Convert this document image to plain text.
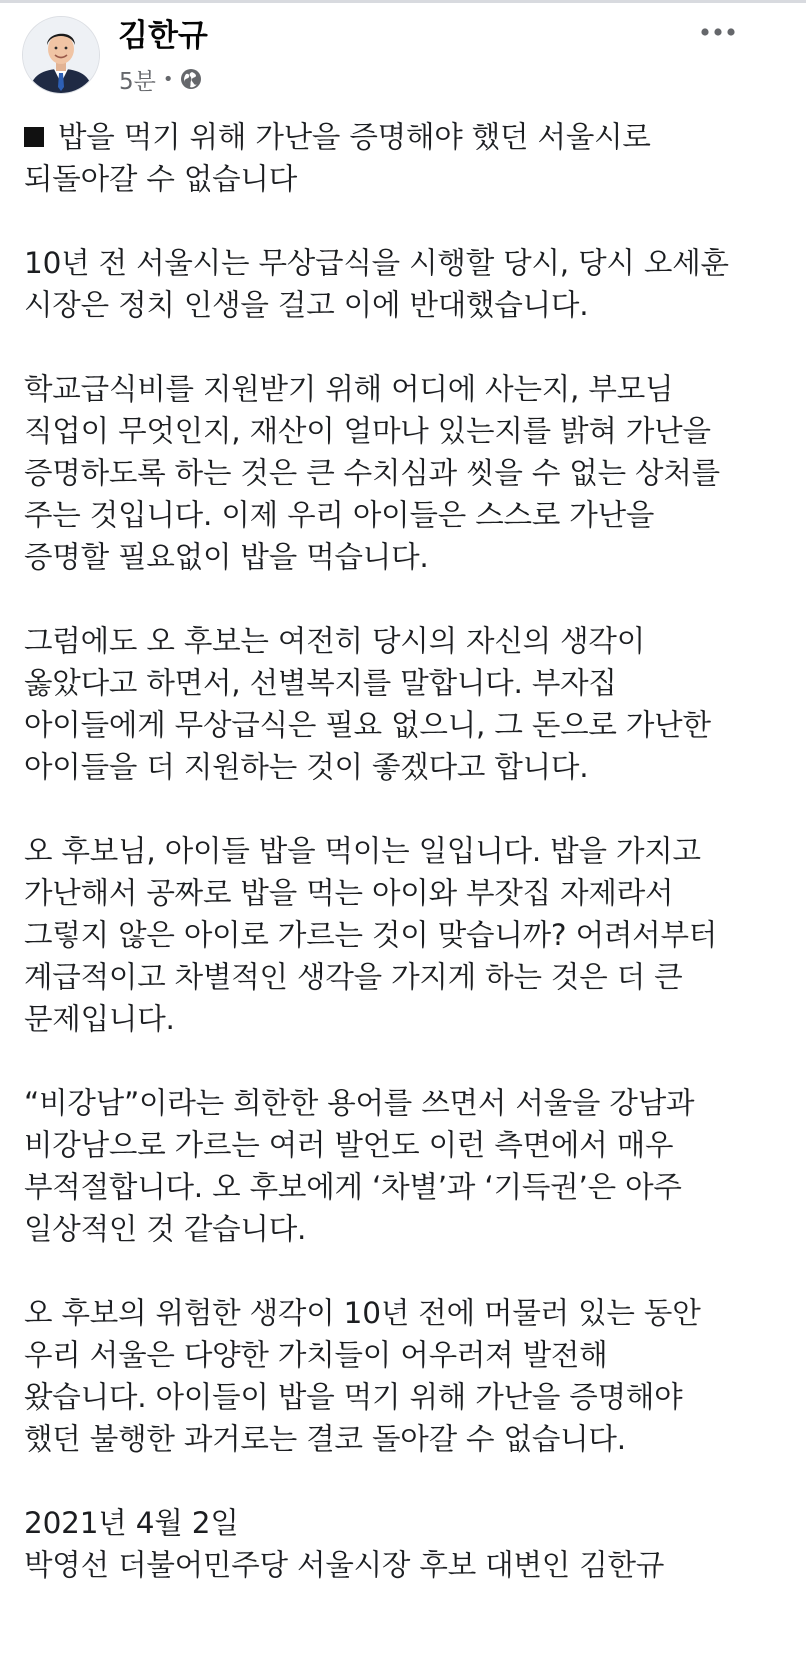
김한규
5분 •
밥을 먹기 위해 가난을 증명해야 했던 서울시로
되돌아갈 수 없습니다
10년 전 서울시는 무상급식을 시행할 당시, 당시 오세훈
시장은 정치 인생을 걸고 이에 반대했습니다.
학교급식비를 지원받기 위해 어디에 사는지, 부모님
직업이 무엇인지, 재산이 얼마나 있는지를 밝혀 가난을
증명하도록 하는 것은 큰 수치심과 씻을 수 없는 상처를
주는 것입니다. 이제 우리 아이들은 스스로 가난을
증명할 필요없이 밥을 먹습니다.
그럼에도 오 후보는 여전히 당시의 자신의 생각이
옳았다고 하면서, 선별복지를 말합니다. 부자집
아이들에게 무상급식은 필요 없으니, 그 돈으로 가난한
아이들을 더 지원하는 것이 좋겠다고 합니다.
오 후보님, 아이들 밥을 먹이는 일입니다. 밥을 가지고
가난해서 공짜로 밥을 먹는 아이와 부잣집 자제라서
그렇지 않은 아이로 가르는 것이 맞습니까? 어려서부터
계급적이고 차별적인 생각을 가지게 하는 것은 더 큰
문제입니다.
“비강남”이라는 희한한 용어를 쓰면서 서울을 강남과
비강남으로 가르는 여러 발언도 이런 측면에서 매우
부적절합니다. 오 후보에게 ‘차별’과 ‘기득권’은 아주
일상적인 것 같습니다.
오 후보의 위험한 생각이 10년 전에 머물러 있는 동안
우리 서울은 다양한 가치들이 어우러져 발전해
왔습니다. 아이들이 밥을 먹기 위해 가난을 증명해야
했던 불행한 과거로는 결코 돌아갈 수 없습니다.
2021년 4월 2일
박영선 더불어민주당 서울시장 후보 대변인 김한규
